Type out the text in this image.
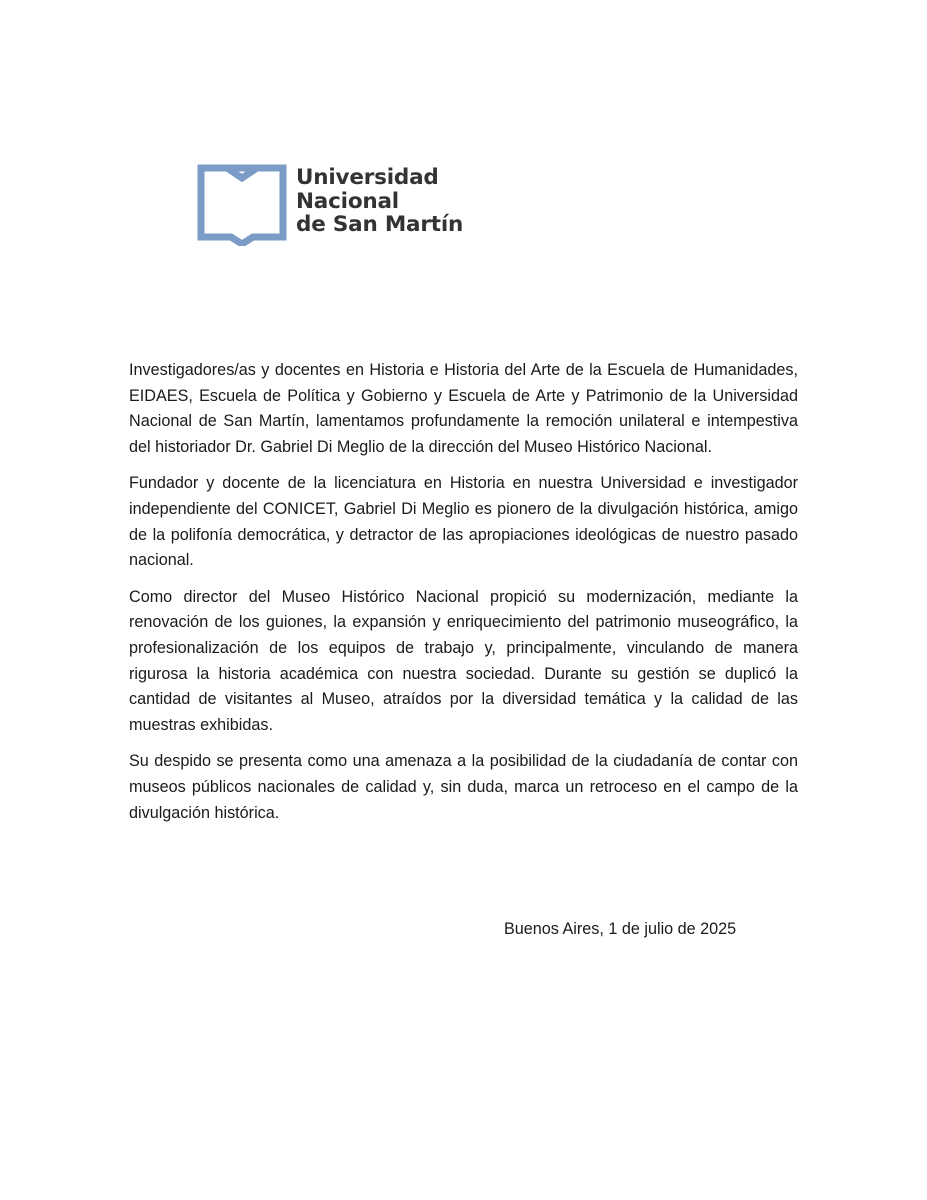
Universidad
Nacional
de San Martín

Investigadores/as y docentes en Historia e Historia del Arte de la Escuela de Humanidades, EIDAES, Escuela de Política y Gobierno y Escuela de Arte y Patrimonio de la Universidad Nacional de San Martín, lamentamos profundamente la remoción unilateral e intempestiva del historiador Dr. Gabriel Di Meglio de la dirección del Museo Histórico Nacional.

Fundador y docente de la licenciatura en Historia en nuestra Universidad e investigador independiente del CONICET, Gabriel Di Meglio es pionero de la divulgación histórica, amigo de la polifonía democrática, y detractor de las apropiaciones ideológicas de nuestro pasado nacional.

Como director del Museo Histórico Nacional propició su modernización, mediante la renovación de los guiones, la expansión y enriquecimiento del patrimonio museográfico, la profesionalización de los equipos de trabajo y, principalmente, vinculando de manera rigurosa la historia académica con nuestra sociedad. Durante su gestión se duplicó la cantidad de visitantes al Museo, atraídos por la diversidad temática y la calidad de las muestras exhibidas.

Su despido se presenta como una amenaza a la posibilidad de la ciudadanía de contar con museos públicos nacionales de calidad y, sin duda, marca un retroceso en el campo de la divulgación histórica.

Buenos Aires, 1 de julio de 2025
